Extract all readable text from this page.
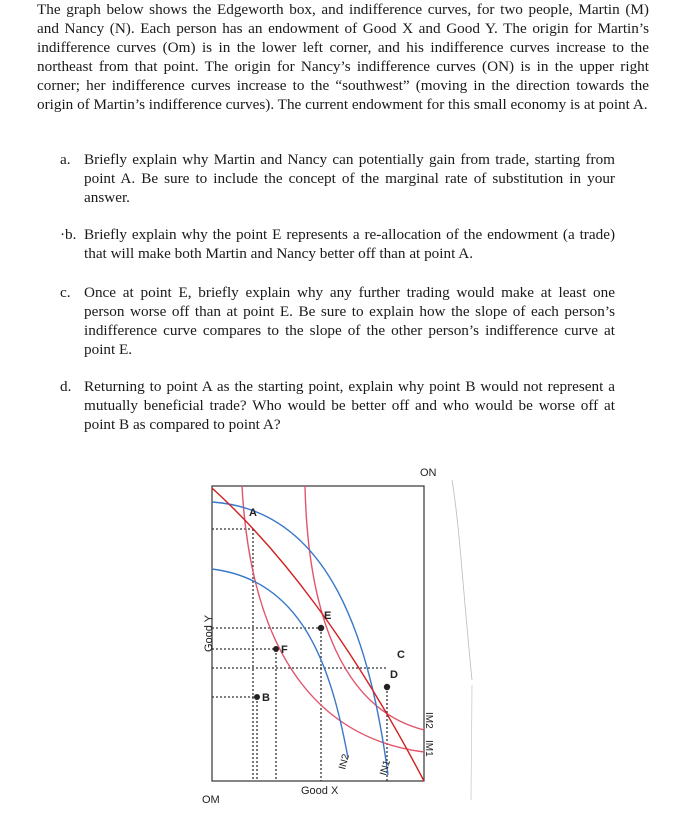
The graph below shows the Edgeworth box, and indifference curves, for two people, Martin (M) and Nancy (N). Each person has an endowment of Good X and Good Y. The origin for Martin’s indifference curves (Om) is in the lower left corner, and his indifference curves increase to the northeast from that point. The origin for Nancy’s indifference curves (ON) is in the upper right corner; her indifference curves increase to the “southwest” (moving in the direction towards the origin of Martin’s indifference curves). The current endowment for this small economy is at point A.

a. Briefly explain why Martin and Nancy can potentially gain from trade, starting from point A. Be sure to include the concept of the marginal rate of substitution in your answer.
·b. Briefly explain why the point E represents a re-allocation of the endowment (a trade) that will make both Martin and Nancy better off than at point A.
c. Once at point E, briefly explain why any further trading would make at least one person worse off than at point E. Be sure to explain how the slope of each person’s indifference curve compares to the slope of the other person’s indifference curve at point E.
d. Returning to point A as the starting point, explain why point B would not represent a mutually beneficial trade? Who would be better off and who would be worse off at point B as compared to point A?
A
E
F
B
C
D
ON
OM
Good X
Good Y
IM2
IM1
IN2	IN1
